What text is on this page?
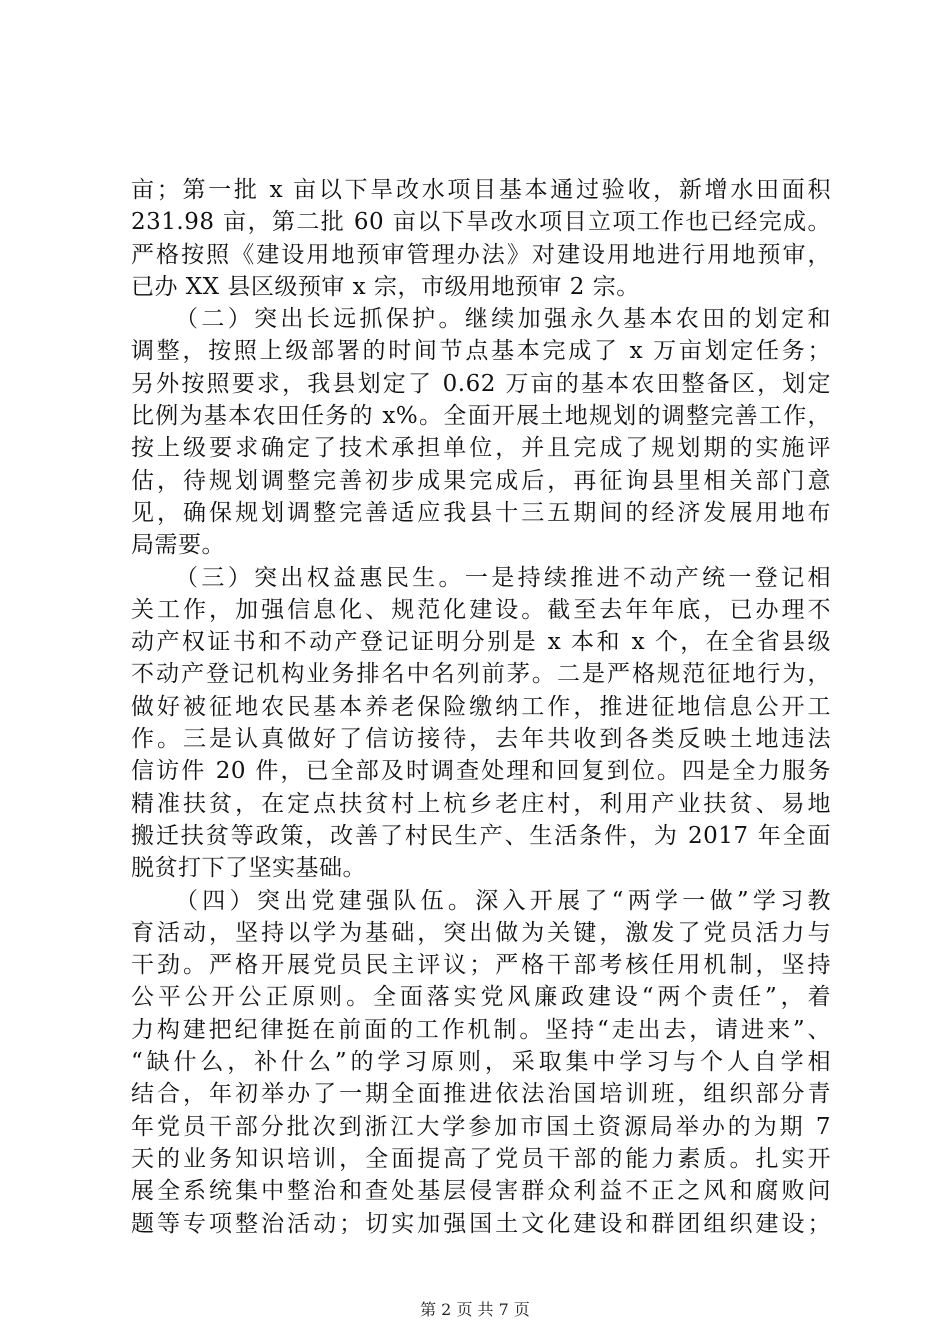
亩；第一批 x 亩以下旱改水项目基本通过验收，新增水田面积
231.98 亩，第二批 60 亩以下旱改水项目立项工作也已经完成。
严格按照《建设用地预审管理办法》对建设用地进行用地预审，
已办 XX 县区级预审 x 宗，市级用地预审 2 宗。
（二）突出长远抓保护。继续加强永久基本农田的划定和
调整，按照上级部署的时间节点基本完成了 x 万亩划定任务；
另外按照要求，我县划定了 0.62 万亩的基本农田整备区，划定
比例为基本农田任务的 x%。全面开展土地规划的调整完善工作，
按上级要求确定了技术承担单位，并且完成了规划期的实施评
估，待规划调整完善初步成果完成后，再征询县里相关部门意
见，确保规划调整完善适应我县十三五期间的经济发展用地布
局需要。
（三）突出权益惠民生。一是持续推进不动产统一登记相
关工作，加强信息化、规范化建设。截至去年年底，已办理不
动产权证书和不动产登记证明分别是 x 本和 x 个，在全省县级
不动产登记机构业务排名中名列前茅。二是严格规范征地行为，
做好被征地农民基本养老保险缴纳工作，推进征地信息公开工
作。三是认真做好了信访接待，去年共收到各类反映土地违法
信访件 20 件，已全部及时调查处理和回复到位。四是全力服务
精准扶贫，在定点扶贫村上杭乡老庄村，利用产业扶贫、易地
搬迁扶贫等政策，改善了村民生产、生活条件，为 2017 年全面
脱贫打下了坚实基础。
（四）突出党建强队伍。深入开展了“两学一做”学习教
育活动，坚持以学为基础，突出做为关键，激发了党员活力与
干劲。严格开展党员民主评议；严格干部考核任用机制，坚持
公平公开公正原则。全面落实党风廉政建设“两个责任”，着
力构建把纪律挺在前面的工作机制。坚持“走出去，请进来”、
“缺什么，补什么”的学习原则，采取集中学习与个人自学相
结合，年初举办了一期全面推进依法治国培训班，组织部分青
年党员干部分批次到浙江大学参加市国土资源局举办的为期 7
天的业务知识培训，全面提高了党员干部的能力素质。扎实开
展全系统集中整治和查处基层侵害群众利益不正之风和腐败问
题等专项整治活动；切实加强国土文化建设和群团组织建设；
第 2 页 共 7 页
